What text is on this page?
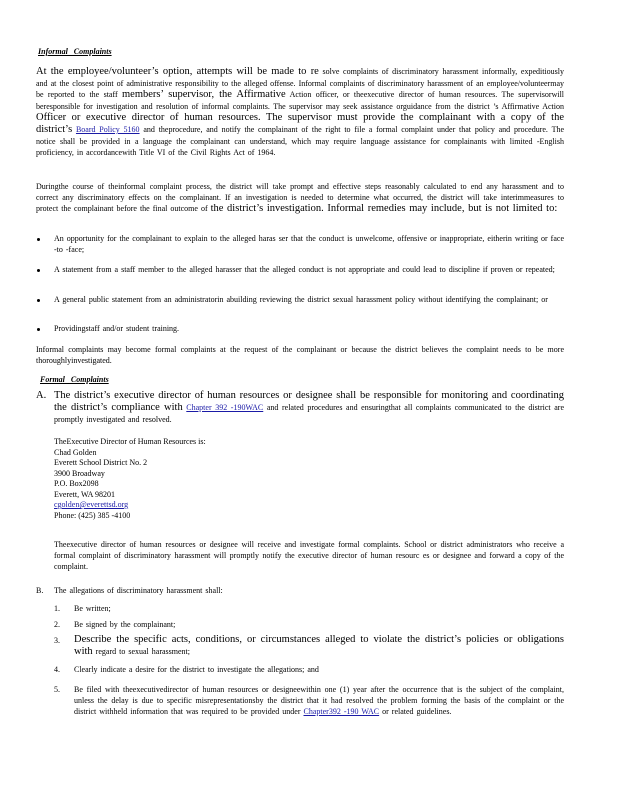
Informal   Complaints
At the employee/volunteer’s option, attempts will be made to re solve complaints of discriminatory harassment informally, expeditiously and at the closest point of administrative responsibility to the alleged offense. Informal complaints of discriminatory harassment of an employee/volunteermay be reported to the staff members’ supervisor, the Affirmative Action officer, or theexecutive director of human resources. The supervisorwill beresponsible for investigation and resolution of informal complaints. The supervisor may seek assistance orguidance from the district ’s Affirmative Action Officer or executive director of human resources. The supervisor must provide the complainant with a copy of the district’s Board Policy 5160 and theprocedure, and notify the complainant of the right to file a formal complaint under that policy and procedure. The notice shall be provided in a language the complainant can understand, which may require language assistance for complainants with limited -English proficiency, in accordancewith Title VI of the Civil Rights Act of 1964.
Duringthe course of theinformal complaint process, the district will take prompt and effective steps reasonably calculated to end any harassment and to correct any discriminatory effects on the complainant. If an investigation is needed to determine what occurred, the district will take interimmeasures to protect the complainant before the final outcome of the district’s investigation. Informal remedies may include, but is not limited to:
An opportunity for the complainant to explain to the alleged haras ser that the conduct is unwelcome, offensive or inappropriate, eitherin writing or face -to -face;
A statement from a staff member to the alleged harasser that the alleged conduct is not appropriate and could lead to discipline if proven or repeated;
A general public statement from an administratorin abuilding reviewing the district sexual harassment policy without identifying the complainant; or
Providingstaff and/or student training.
Informal complaints may become formal complaints at the request of the complainant or because the district believes the complaint needs to be more thoroughlyinvestigated.
Formal   Complaints
A. The district’s executive director of human resources or designee shall be responsible for monitoring and coordinating the district’s compliance with Chapter 392 -190WAC and related procedures and ensuringthat all complaints communicated to the district are promptly investigated and resolved.
TheExecutive Director of Human Resources is:
Chad Golden
Everett School District No. 2
3900 Broadway
P.O. Box2098
Everett, WA 98201
cgolden@everettsd.org
Phone: (425) 385 -4100
Theexecutive director of human resources or designee will receive and investigate formal complaints. School or district administrators who receive a formal complaint of discriminatory harassment will promptly notify the executive director of human resourc es or designee and forward a copy of the complaint.
B. The allegations of discriminatory harassment shall:
1. Be written;
2. Be signed by the complainant;
3. Describe the specific acts, conditions, or circumstances alleged to violate the district’s policies or obligations with regard to sexual harassment;
4. Clearly indicate a desire for the district to investigate the allegations; and
5. Be filed with theexecutivedirector of human resources or designeewithin one (1) year after the occurrence that is the subject of the complaint, unless the delay is due to specific misrepresentationsby the district that it had resolved the problem forming the basis of the complaint or the district withheld information that was required to be provided under Chapter392 -190 WAC or related guidelines.
